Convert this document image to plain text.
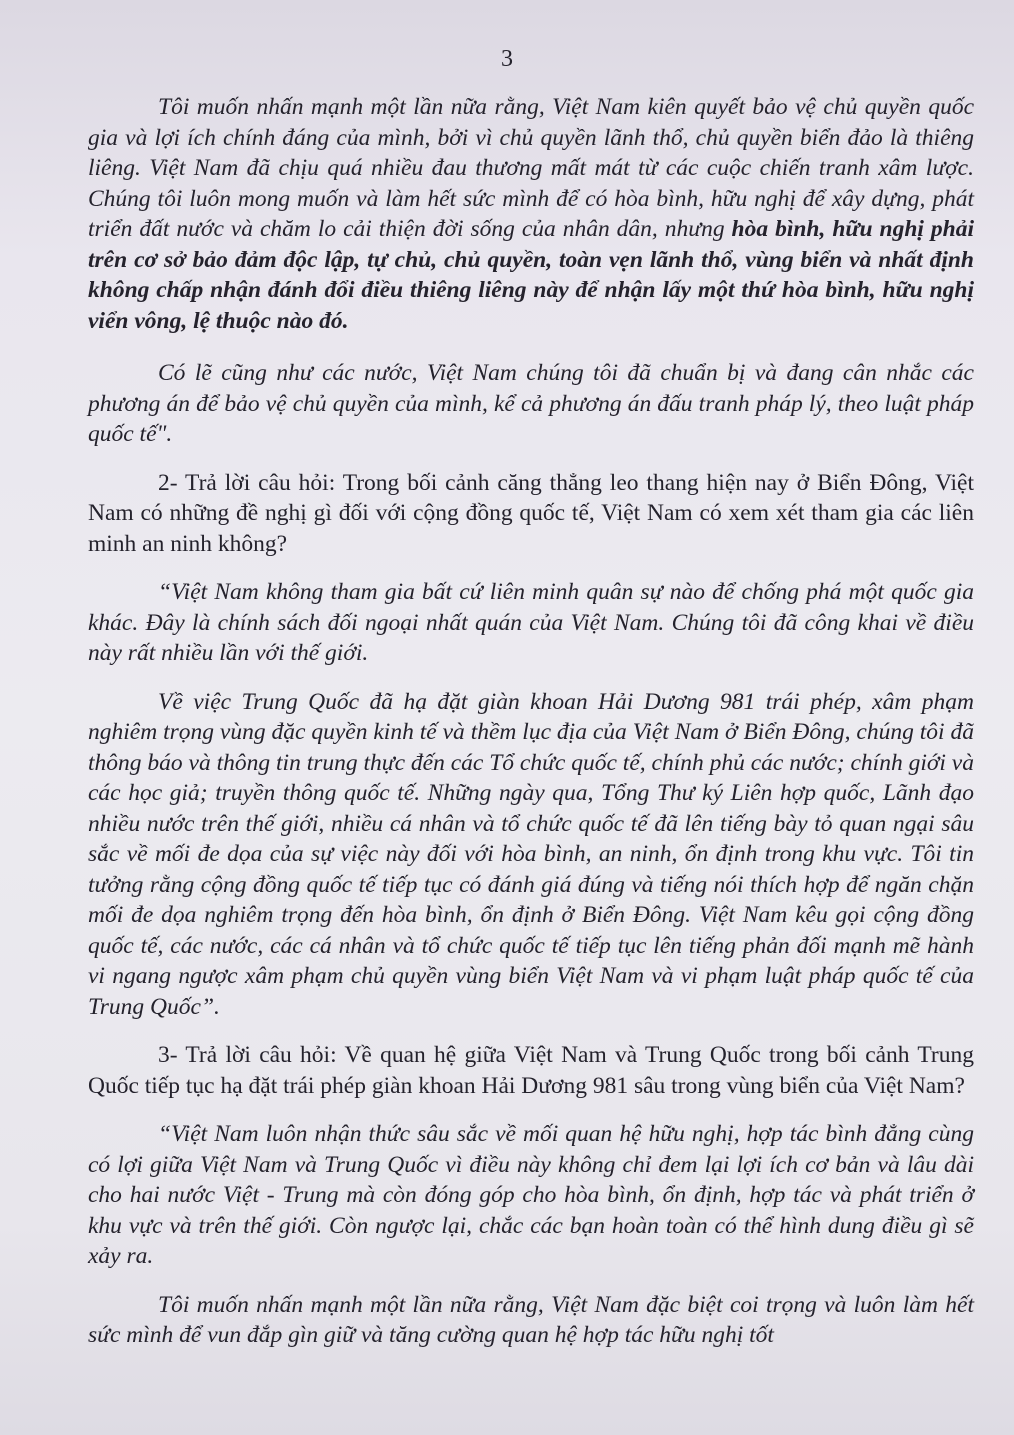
3

Tôi muốn nhấn mạnh một lần nữa rằng, Việt Nam kiên quyết bảo vệ chủ quyền quốc gia và lợi ích chính đáng của mình, bởi vì chủ quyền lãnh thổ, chủ quyền biển đảo là thiêng liêng. Việt Nam đã chịu quá nhiều đau thương mất mát từ các cuộc chiến tranh xâm lược. Chúng tôi luôn mong muốn và làm hết sức mình để có hòa bình, hữu nghị để xây dựng, phát triển đất nước và chăm lo cải thiện đời sống của nhân dân, nhưng hòa bình, hữu nghị phải trên cơ sở bảo đảm độc lập, tự chủ, chủ quyền, toàn vẹn lãnh thổ, vùng biển và nhất định không chấp nhận đánh đổi điều thiêng liêng này để nhận lấy một thứ hòa bình, hữu nghị viển vông, lệ thuộc nào đó.

Có lẽ cũng như các nước, Việt Nam chúng tôi đã chuẩn bị và đang cân nhắc các phương án để bảo vệ chủ quyền của mình, kể cả phương án đấu tranh pháp lý, theo luật pháp quốc tế".

2- Trả lời câu hỏi: Trong bối cảnh căng thẳng leo thang hiện nay ở Biển Đông, Việt Nam có những đề nghị gì đối với cộng đồng quốc tế, Việt Nam có xem xét tham gia các liên minh an ninh không?

“Việt Nam không tham gia bất cứ liên minh quân sự nào để chống phá một quốc gia khác. Đây là chính sách đối ngoại nhất quán của Việt Nam. Chúng tôi đã công khai về điều này rất nhiều lần với thế giới.

Về việc Trung Quốc đã hạ đặt giàn khoan Hải Dương 981 trái phép, xâm phạm nghiêm trọng vùng đặc quyền kinh tế và thềm lục địa của Việt Nam ở Biển Đông, chúng tôi đã thông báo và thông tin trung thực đến các Tổ chức quốc tế, chính phủ các nước; chính giới và các học giả; truyền thông quốc tế. Những ngày qua, Tổng Thư ký Liên hợp quốc, Lãnh đạo nhiều nước trên thế giới, nhiều cá nhân và tổ chức quốc tế đã lên tiếng bày tỏ quan ngại sâu sắc về mối đe dọa của sự việc này đối với hòa bình, an ninh, ổn định trong khu vực. Tôi tin tưởng rằng cộng đồng quốc tế tiếp tục có đánh giá đúng và tiếng nói thích hợp để ngăn chặn mối đe dọa nghiêm trọng đến hòa bình, ổn định ở Biển Đông. Việt Nam kêu gọi cộng đồng quốc tế, các nước, các cá nhân và tổ chức quốc tế tiếp tục lên tiếng phản đối mạnh mẽ hành vi ngang ngược xâm phạm chủ quyền vùng biển Việt Nam và vi phạm luật pháp quốc tế của Trung Quốc”.

3- Trả lời câu hỏi: Về quan hệ giữa Việt Nam và Trung Quốc trong bối cảnh Trung Quốc tiếp tục hạ đặt trái phép giàn khoan Hải Dương 981 sâu trong vùng biển của Việt Nam?

“Việt Nam luôn nhận thức sâu sắc về mối quan hệ hữu nghị, hợp tác bình đẳng cùng có lợi giữa Việt Nam và Trung Quốc vì điều này không chỉ đem lại lợi ích cơ bản và lâu dài cho hai nước Việt - Trung mà còn đóng góp cho hòa bình, ổn định, hợp tác và phát triển ở khu vực và trên thế giới. Còn ngược lại, chắc các bạn hoàn toàn có thể hình dung điều gì sẽ xảy ra.

Tôi muốn nhấn mạnh một lần nữa rằng, Việt Nam đặc biệt coi trọng và luôn làm hết sức mình để vun đắp gìn giữ và tăng cường quan hệ hợp tác hữu nghị tốt
